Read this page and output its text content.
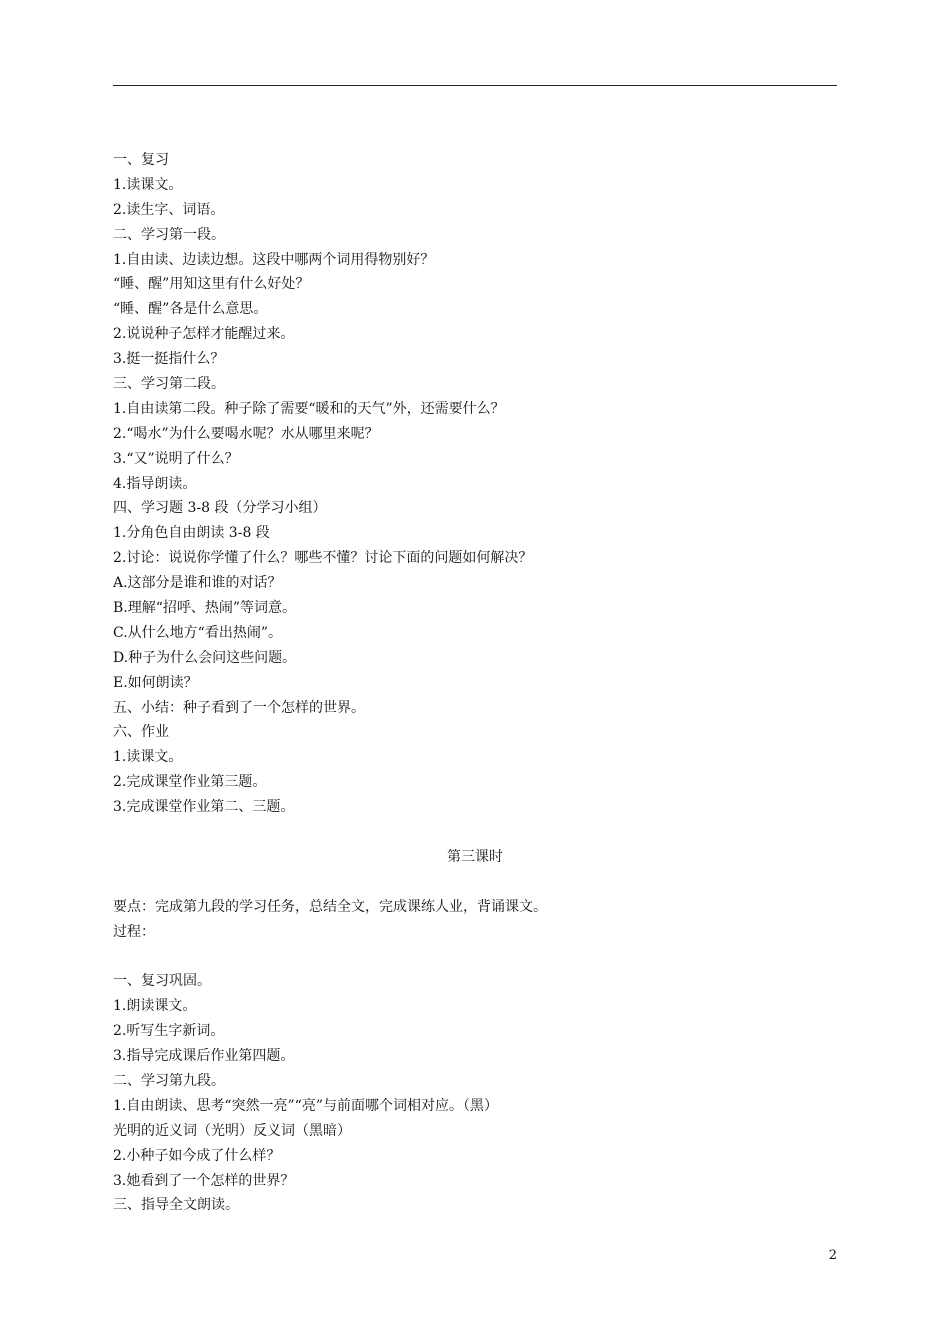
一、复习
1.读课文。
2.读生字、词语。
二、学习第一段。
1.自由读、边读边想。这段中哪两个词用得物别好？
“睡、醒”用知这里有什么好处？
“睡、醒”各是什么意思。
2.说说种子怎样才能醒过来。
3.挺一挺指什么？
三、学习第二段。
1.自由读第二段。种子除了需要“暖和的天气”外，还需要什么？
2.“喝水”为什么要喝水呢？水从哪里来呢？
3.“又”说明了什么？
4.指导朗读。
四、学习题 3-8 段（分学习小组）
1.分角色自由朗读 3-8 段
2.讨论：说说你学懂了什么？哪些不懂？讨论下面的问题如何解决？
A.这部分是谁和谁的对话？
B.理解“招呼、热闹”等词意。
C.从什么地方“看出热闹”。
D.种子为什么会问这些问题。
E.如何朗读？
五、小结：种子看到了一个怎样的世界。
六、作业
1.读课文。
2.完成课堂作业第三题。
3.完成课堂作业第二、三题。
第三课时
要点：完成第九段的学习任务，总结全文，完成课练人业，背诵课文。
过程：
一、复习巩固。
1.朗读课文。
2.听写生字新词。
3.指导完成课后作业第四题。
二、学习第九段。
1.自由朗读、思考“突然一亮”“亮”与前面哪个词相对应。（黑）
光明的近义词（光明）反义词（黑暗）
2.小种子如今成了什么样？
3.她看到了一个怎样的世界？
三、指导全文朗读。
2
